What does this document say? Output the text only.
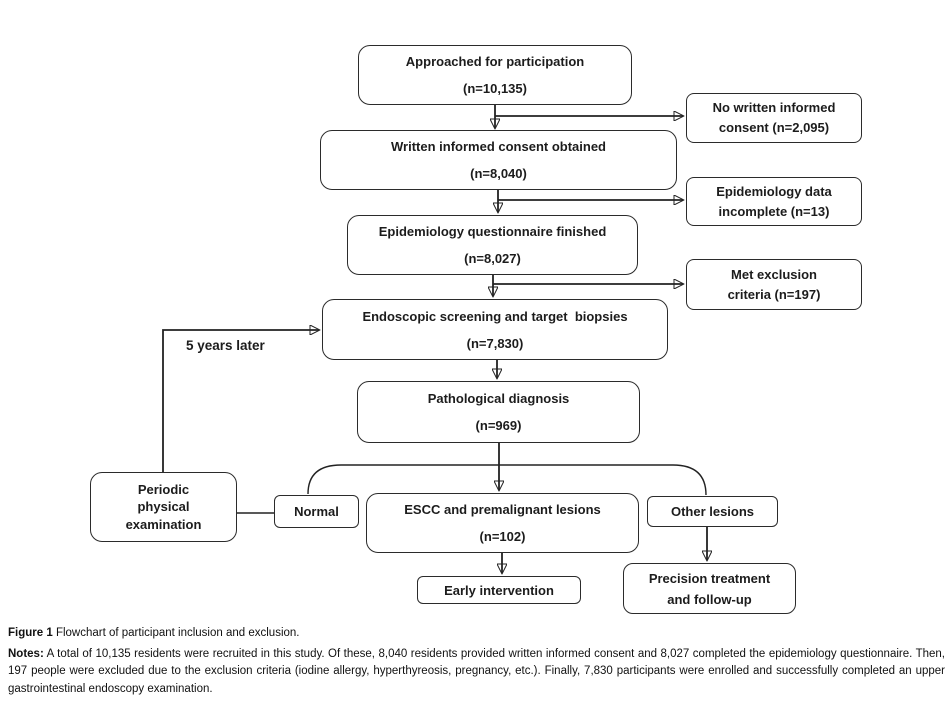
Approached for participation
(n=10,135)
No written informed
consent (n=2,095)
Written informed consent obtained
(n=8,040)
Epidemiology data
incomplete (n=13)
Epidemiology questionnaire finished
(n=8,027)
Met exclusion
criteria (n=197)
Endoscopic screening and target  biopsies
(n=7,830)
Pathological diagnosis
(n=969)
Periodic
physical
examination
Normal	ESCC and premalignant lesions
(n=102)
Other lesions
Early intervention
Precision treatment
and follow-up
5 years later

Figure 1 Flowchart of participant inclusion and exclusion.

Notes: A total of 10,135 residents were recruited in this study. Of these, 8,040 residents provided written informed consent and 8,027 completed the epidemiology questionnaire. Then, 197 people were excluded due to the exclusion criteria (iodine allergy, hyperthyreosis, pregnancy, etc.). Finally, 7,830 participants were enrolled and successfully completed an upper gastrointestinal endoscopy examination.
